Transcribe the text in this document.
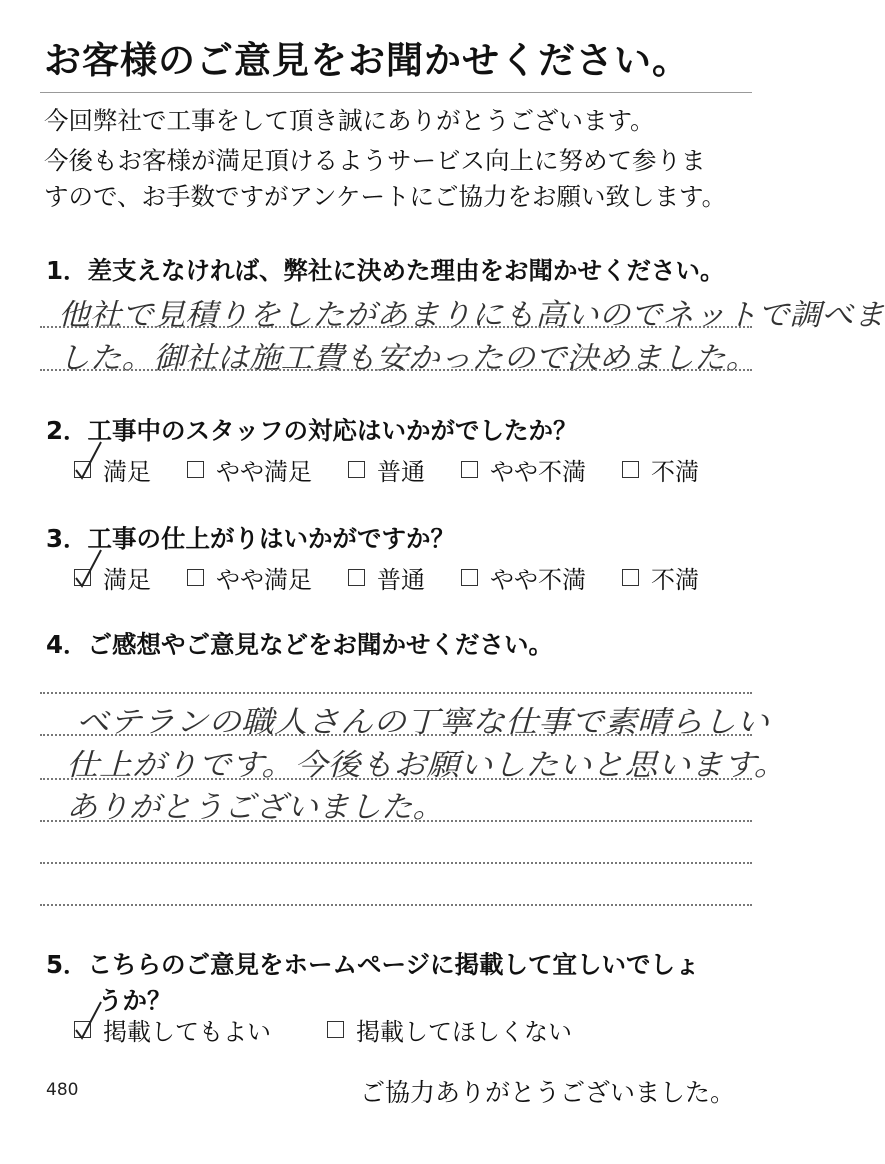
お客様のご意見をお聞かせください。
今回弊社で工事をして頂き誠にありがとうございます。
今後もお客様が満足頂けるようサービス向上に努めて参りま
すので、お手数ですがアンケートにご協力をお願い致します。
1．差支えなければ、弊社に決めた理由をお聞かせください。
他社で見積りをしたがあまりにも高いのでネットで調べま
した。御社は施工費も安かったので決めました。
2．工事中のスタッフの対応はいかがでしたか？
満足	やや満足	普通	やや不満	不満
3．工事の仕上がりはいかがですか？
満足	やや満足	普通	やや不満	不満
4．ご感想やご意見などをお聞かせください。
ベテランの職人さんの丁寧な仕事で素晴らしい
仕上がりです。今後もお願いしたいと思います。
ありがとうございました。
5．こちらのご意見をホームページに掲載して宜しいでしょ
うか？
掲載してもよい	掲載してほしくない
480	ご協力ありがとうございました。
